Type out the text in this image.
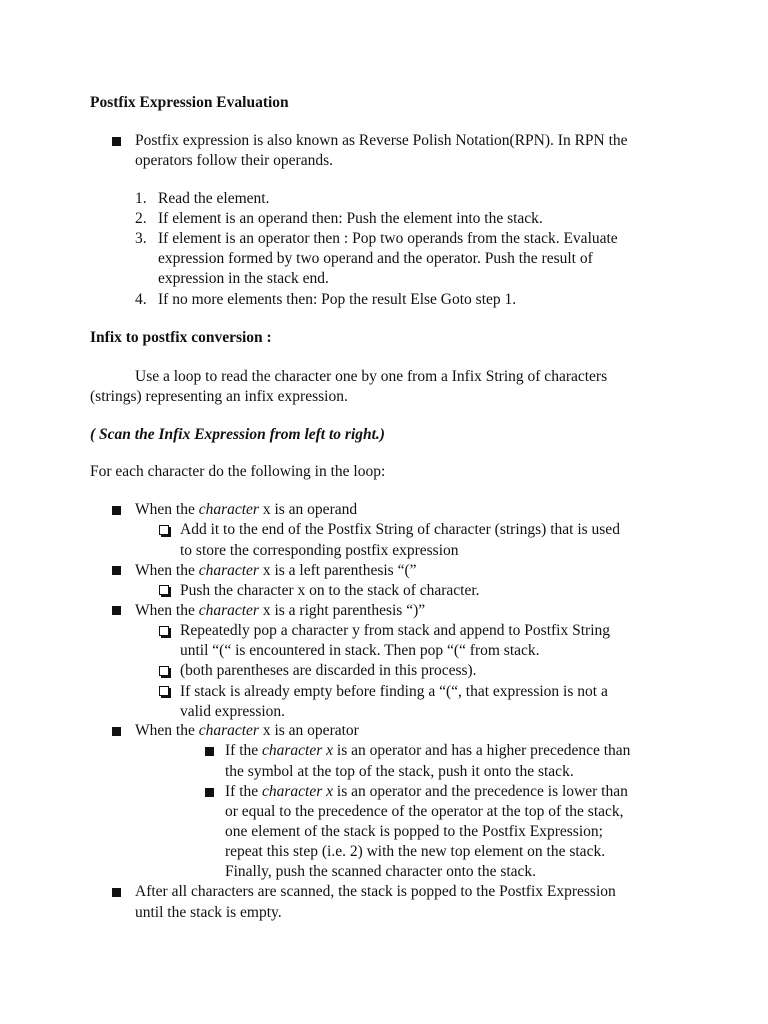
Postfix Expression Evaluation
Postfix expression is also known as Reverse Polish Notation(RPN). In RPN the
operators follow their operands.
1. Read the element.
2. If element is an operand then: Push the element into the stack.
3. If element is an operator then : Pop two operands from the stack. Evaluate
expression formed by two operand and the operator. Push the result of
expression in the stack end.
4. If no more elements then: Pop the result Else Goto step 1.
Infix to postfix conversion :
Use a loop to read the character one by one from a Infix String of characters
(strings) representing an infix expression.
( Scan the Infix Expression from left to right.)
For each character do the following in the loop:
When the character x is an operand
Add it to the end of the Postfix String of character (strings) that is used
to store the corresponding postfix expression
When the character x is a left parenthesis “(”
Push the character x on to the stack of character.
When the character x is a right parenthesis “)”
Repeatedly pop a character y from stack and append to Postfix String
until “(“ is encountered in stack. Then pop “(“ from stack.
(both parentheses are discarded in this process).
If stack is already empty before finding a “(“, that expression is not a
valid expression.
When the character x is an operator
If the character x is an operator and has a higher precedence than
the symbol at the top of the stack, push it onto the stack.
If the character x is an operator and the precedence is lower than
or equal to the precedence of the operator at the top of the stack,
one element of the stack is popped to the Postfix Expression;
repeat this step (i.e. 2) with the new top element on the stack.
Finally, push the scanned character onto the stack.
After all characters are scanned, the stack is popped to the Postfix Expression
until the stack is empty.
